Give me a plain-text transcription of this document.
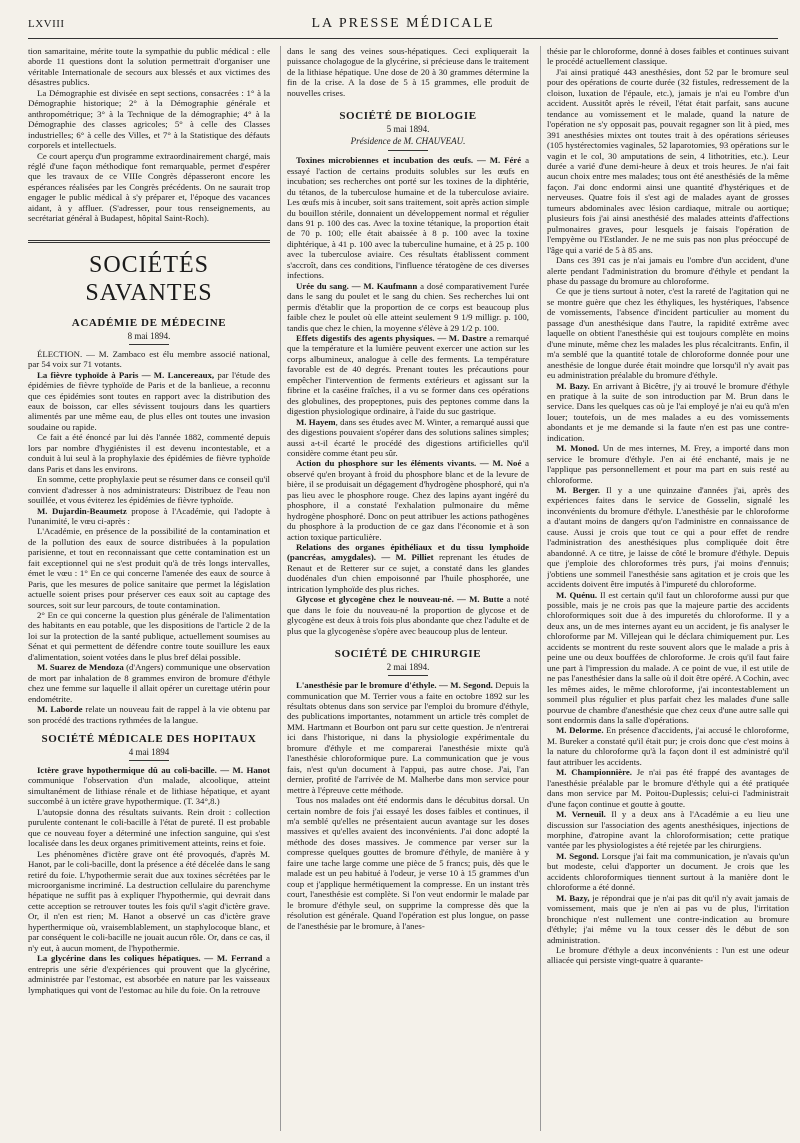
LXVIII	LA PRESSE MÉDICALE

tion samaritaine, mérite toute la sympathie du public médical : elle aborde 11 questions dont la solution permettrait d'organiser une véritable Internationale de secours aux blessés et aux victimes des désastres publics.

La Démographie est divisée en sept sections, consacrées : 1° à la Démographie historique; 2° à la Démographie générale et anthropométrique; 3° à la Technique de la démographie; 4° à la Démographie des classes agricoles; 5° à celle des Classes industrielles; 6° à celle des Villes, et 7° à la Statistique des défauts corporels et intellectuels.

Ce court aperçu d'un programme extraordinairement chargé, mais réglé d'une façon méthodique font remarquable, permet d'espérer que les travaux de ce VIIIe Congrès dépasseront encore les espérances réalisées par les Congrès précédents. On ne saurait trop engager le public médical à s'y préparer et, l'époque des vacances aidant, à y affluer. (S'adresser, pour tous renseignements, au secrétariat général à Budapest, hôpital Saint-Roch).

SOCIÉTÉS SAVANTES
ACADÉMIE DE MÉDECINE
8 mai 1894.

ÉLECTION. — M. Zambaco est élu membre associé national, par 54 voix sur 71 votants.

La fièvre typhoïde à Paris — M. Lancereaux, par l'étude des épidémies de fièvre typhoïde de Paris et de la banlieue, a reconnu que ces épidémies sont toutes en rapport avec la distribution des eaux de boisson, car elles sévissent toujours dans les quartiers alimentés par une même eau, de plus elles ont toutes une invasion soudaine ou rapide.

Ce fait a été énoncé par lui dès l'année 1882, commenté depuis lors par nombre d'hygiénistes il est devenu incontestable, et a conduit à lui seul à la prophylaxie des épidémies de fièvre typhoïde dans Paris et dans les environs.

En somme, cette prophylaxie peut se résumer dans ce conseil qu'il convient d'adresser à nos administrateurs: Distribuez de l'eau non souillée, et vous éviterez les épidémies de fièvre typhoïde.

M. Dujardin-Beaumetz propose à l'Académie, qui l'adopte à l'unanimité, le vœu ci-après :

L'Académie, en présence de la possibilité de la contamination et de la pollution des eaux de source distribuées à la population parisienne, et tout en reconnaissant que cette contamination est un fait exceptionnel qui ne s'est produit qu'à de très longs intervalles, émet le vœu : 1° En ce qui concerne l'amenée des eaux de source à Paris, que les mesures de police sanitaire que permet la législation actuelle soient prises pour préserver ces eaux soit au captage des sources, soit sur leur parcours, de toute contamination.

2° En ce qui concerne la question plus générale de l'alimentation des habitants en eau potable, que les dispositions de l'article 2 de la loi sur la protection de la santé publique, actuellement soumises au Sénat et qui permettent de défendre contre toute souillure les eaux d'alimentation, soient votées dans le plus bref délai possible.

M. Suarez de Mendoza (d'Angers) communique une observation de mort par inhalation de 8 grammes environ de bromure d'éthyle chez une femme sur laquelle il allait opérer un curettage utérin pour endométrite.

M. Laborde relate un nouveau fait de rappel à la vie obtenu par son procédé des tractions rythmées de la langue.

SOCIÉTÉ MÉDICALE DES HOPITAUX
4 mai 1894

Ictère grave hypothermique dû au coli-bacille. — M. Hanot communique l'observation d'un malade, alcoolique, atteint simultanément de lithiase rénale et de lithiase hépatique, et ayant succombé à un ictère grave hypothermique. (T. 34°,8.)

L'autopsie donna des résultats suivants. Rein droit : collection purulente contenant le coli-bacille à l'état de pureté. Il est probable que ce nouveau foyer a déterminé une infection sanguine, qui s'est localisée dans les deux organes primitivement atteints, reins et foie.

Les phénomènes d'ictère grave ont été provoqués, d'après M. Hanot, par le coli-bacille, dont la présence a été décelée dans le sang retiré du foie. L'hypothermie serait due aux toxines sécrétées par le microorganisme incriminé. La destruction cellulaire du parenchyme hépatique ne suffit pas à expliquer l'hypothermie, qui devrait dans cette acception se retrouver toutes les fois qu'il s'agit d'ictère grave. Or, il n'en est rien; M. Hanot a observé un cas d'ictère grave hyperthermique où, vraisemblablement, un staphylocoque blanc, et par conséquent le coli-bacille ne jouait aucun rôle. Or, dans ce cas, il n'y eut, à aucun moment, de l'hypothermie.

La glycérine dans les coliques hépatiques. — M. Ferrand a entrepris une série d'expériences qui prouvent que la glycérine, administrée par l'estomac, est absorbée en nature par les vaisseaux lymphatiques qui vont de l'estomac au hile du foie. On la retrouve

dans le sang des veines sous-hépatiques. Ceci expliquerait la puissance cholagogue de la glycérine, si précieuse dans le traitement de la lithiase hépatique. Une dose de 20 à 30 grammes détermine la fin de la crise. A la dose de 5 à 15 grammes, elle produit de nouvelles crises.

SOCIÉTÉ DE BIOLOGIE
5 mai 1894.
Présidence de M. CHAUVEAU.

Toxines microbiennes et incubation des œufs. — M. Féré a essayé l'action de certains produits solubles sur les œufs en incubation; ses recherches ont porté sur les toxines de la diphtérie, du tétanos, de la tuberculose humaine et de la tuberculose aviaire. Les œufs mis à incuber, soit sans traitement, soit après action simple du bouillon stérile, donnaient un développement normal et régulier dans 91 p. 100 des cas. Avec la toxine tétanique, la proportion était de 70 p. 100; elle était abaissée à 8 p. 100 avec la toxine diphtérique, à 41 p. 100 avec la tuberculine humaine, et à 25 p. 100 avec la tuberculose aviaire. Ces résultats établissent comment s'accroît, dans ces conditions, l'influence tératogène de ces diverses infections.

Urée du sang. — M. Kaufmann a dosé comparativement l'urée dans le sang du poulet et le sang du chien. Ses recherches lui ont permis d'établir que la proportion de ce corps est beaucoup plus faible chez le poulet où elle atteint seulement 9 1/9 milligr. p. 100, tandis que chez le chien, la moyenne s'élève à 29 1/2 p. 100.

Effets digestifs des agents physiques. — M. Dastre a remarqué que la température et la lumière peuvent exercer une action sur les corps albumineux, analogue à celle des ferments. La température favorable est de 40 degrés. Prenant toutes les précautions pour empêcher l'intervention de ferments extérieurs et agissant sur la fibrine et la caséine fraîches, il a vu se former dans ces opérations des globulines, des propeptones, puis des peptones comme dans la digestion physiologique ordinaire, à l'aide du suc gastrique.

M. Hayem, dans ses études avec M. Winter, a remarqué aussi que des digestions pouvaient s'opérer dans des solutions salines simples; aussi a-t-il écarté le procédé des digestions artificielles qu'il considère comme étant peu sûr.

Action du phosphore sur les éléments vivants. — M. Noé a observé qu'en broyant à froid du phosphore blanc et de la levure de bière, il se produisait un dégagement d'hydrogène phosphoré, qui n'a pas lieu avec le phosphore rouge. Chez des lapins ayant ingéré du phosphore, il a constaté l'exhalation pulmonaire du même hydrogène phosphoré. Donc on peut attribuer les actions pathogènes du phosphore à la production de ce gaz dans l'économie et à son action toxique particulière.

Relations des organes épithéliaux et du tissu lymphoïde (pancréas, amygdales). — M. Pilliet reprenant les études de Renaut et de Retterer sur ce sujet, a constaté dans les glandes duodénales d'un chien empoisonné par l'huile phosphorée, une intrication lymphoïde des plus riches.

Glycose et glycogène chez le nouveau-né. — M. Butte a noté que dans le foie du nouveau-né la proportion de glycose et de glycogène est deux à trois fois plus abondante que chez l'adulte et de plus que la glycogenèse s'opère avec beaucoup plus de lenteur.

SOCIÉTÉ DE CHIRURGIE
2 mai 1894.

L'anesthésie par le bromure d'éthyle. — M. Segond. Depuis la communication que M. Terrier vous a faite en octobre 1892 sur les résultats obtenus dans son service par l'emploi du bromure d'éthyle, des publications importantes, notamment un article très complet de MM. Hartmann et Bourbon ont paru sur cette question. Je n'entrerai ici dans l'historique, ni dans la physiologie expérimentale du bromure d'éthyle et me comparerai l'anesthésie mixte qu'à l'anesthésie chloroformique pure. La communication que je vous fais, n'est qu'un document à l'appui, pas autre chose. J'ai, l'an dernier, profité de l'arrivée de M. Malherbe dans mon service pour mettre à l'épreuve cette méthode.

Tous nos malades ont été endormis dans le décubitus dorsal. Un certain nombre de fois j'ai essayé les doses faibles et continues, il m'a semblé qu'elles ne présentaient aucun avantage sur les doses massives et qu'elles avaient des inconvénients. J'ai donc adopté la méthode des doses massives. Je commence par verser sur la compresse quelques gouttes de bromure d'éthyle, de manière à y faire une tache large comme une pièce de 5 francs; puis, dès que le malade est un peu habitué à l'odeur, je verse 10 à 15 grammes d'un coup et j'applique hermétiquement la compresse. En un instant très court, l'anesthésie est complète. Si l'on veut endormir le malade par le bromure d'éthyle seul, on supprime la compresse dès que la résolution est générale. Quand l'opération est plus longue, on passe de l'anesthésie par le bromure, à l'anes-

thésie par le chloroforme, donné à doses faibles et continues suivant le procédé actuellement classique.

J'ai ainsi pratiqué 443 anesthésies, dont 52 par le bromure seul pour des opérations de courte durée (32 fistules, redressement de la cloison, luxation de l'épaule, etc.), jamais je n'ai eu l'ombre d'un accident. Aussitôt après le réveil, l'état était parfait, sans aucune tendance au vomissement et le malade, quand la nature de l'opération ne s'y opposait pas, pouvait regagner son lit à pied, mes 391 anesthésies mixtes ont toutes trait à des opérations sérieuses (105 hystérectomies vaginales, 52 laparotomies, 93 opérations sur le vagin et le col, 30 amputations de sein, 4 lithotrities, etc.). Leur durée a varié d'une demi-heure à deux et trois heures. Je n'ai fait aucun choix entre mes malades; tous ont été anesthésiés de la même façon. J'ai donc endormi ainsi une quantité d'hystériques et de nerveuses. Quatre fois il s'est agi de malades ayant de grosses tumeurs abdominales avec lésion cardiaque, mitrale ou aortique; plusieurs fois j'ai ainsi anesthésié des malades atteints d'affections pulmonaires graves, pour lesquels je faisais l'opération de l'empyème ou l'Estlander. Je ne me suis pas non plus préoccupé de l'âge qui a varié de 5 à 85 ans.

Dans ces 391 cas je n'ai jamais eu l'ombre d'un accident, d'une alerte pendant l'administration du bromure d'éthyle et pendant la phase du passage du bromure au chloroforme.

Ce que je tiens surtout à noter, c'est la rareté de l'agitation qui ne se montre guère que chez les éthyliques, les hystériques, l'absence de vomissements, l'absence d'incident particulier au moment du passage d'un anesthésique dans l'autre, la rapidité extrême avec laquelle on obtient l'anesthésie qui est toujours complète en moins d'une minute, même chez les malades les plus récalcitrants. Enfin, il m'a semblé que la quantité totale de chloroforme donnée pour une anesthésie de longue durée était moindre que lorsqu'il n'y avait pas eu administration préalable du bromure d'éthyle.

M. Bazy. En arrivant à Bicêtre, j'y ai trouvé le bromure d'éthyle en pratique à la suite de son introduction par M. Brun dans le service. Dans les quelques cas où je l'ai employé je n'ai eu qu'à m'en louer; toutefois, un de mes malades a eu des vomissements abondants et je me demande si la faute n'en est pas une contre-indication.

M. Monod. Un de mes internes, M. Frey, a importé dans mon service le bromure d'éthyle. J'en ai été enchanté, mais je ne l'applique pas personnellement et pour ma part en suis resté au chloroforme.

M. Berger. Il y a une quinzaine d'années j'ai, après des expériences faites dans le service de Gosselin, signalé les inconvénients du bromure d'éthyle. L'anesthésie par le chloroforme a d'autant moins de dangers qu'on l'administre en connaissance de cause. Aussi je crois que tout ce qui a pour effet de rendre l'administration des anesthésiques plus compliquée doit être abandonné. A ce titre, je laisse de côté le bromure d'éthyle. Depuis que j'emploie des chloroformes très purs, j'ai moins d'ennuis; j'obtiens une sommeil l'anesthésie sans agitation et je crois que les accidents doivent être imputés à l'impureté du chloroforme.

M. Quénu. Il est certain qu'il faut un chloroforme aussi pur que possible, mais je ne crois pas que la majeure partie des accidents chloroformiques soit due à des impuretés du chloroforme. Il y a deux ans, un de mes internes ayant eu un accident, je fis analyser le chloroforme par M. Villejean qui le déclara chimiquement pur. Les accidents se montrent du reste souvent alors que le malade a pris à peine une ou deux bouffées de chloroforme. Je crois qu'il faut faire une part à l'impression du malade. A ce point de vue, il est utile de ne pas l'anesthésier dans la salle où il doit être opéré. A Cochin, avec les mêmes aides, le même chloroforme, j'ai incontestablement un sommeil plus régulier et plus parfait chez les malades d'une salle pourvue de chambre d'anesthésie que chez ceux d'une autre salle qui sont endormis dans la salle d'opérations.

M. Delorme. En présence d'accidents, j'ai accusé le chloroforme, M. Bureker a constaté qu'il était pur; je crois donc que c'est moins à la nature du chloroforme qu'à la façon dont il est administré qu'il faut attribuer les accidents.

M. Championnière. Je n'ai pas été frappé des avantages de l'anesthésie préalable par le bromure d'éthyle qui a été pratiquée dans mon service par M. Poitou-Duplessis; celui-ci l'administrait d'une façon continue et goutte à goutte.

M. Verneuil. Il y a deux ans à l'Académie a eu lieu une discussion sur l'association des agents anesthésiques, injections de morphine, d'atropine avant la chloroformisation; cette pratique vantée par les physiologistes a été rejetée par les chirurgiens.

M. Segond. Lorsque j'ai fait ma communication, je n'avais qu'un but modeste, celui d'apporter un document. Je crois que les accidents chloroformiques tiennent surtout à la manière dont le chloroforme a été donné.

M. Bazy, je répondrai que je n'ai pas dit qu'il n'y avait jamais de vomissement, mais que je n'en ai pas vu de plus, l'irritation bronchique n'est nullement une contre-indication au bromure d'éthyle; j'ai même vu la toux cesser dès le début de son administration.

Le bromure d'éthyle a deux inconvénients : l'un est une odeur alliacée qui persiste vingt-quatre à quarante-
